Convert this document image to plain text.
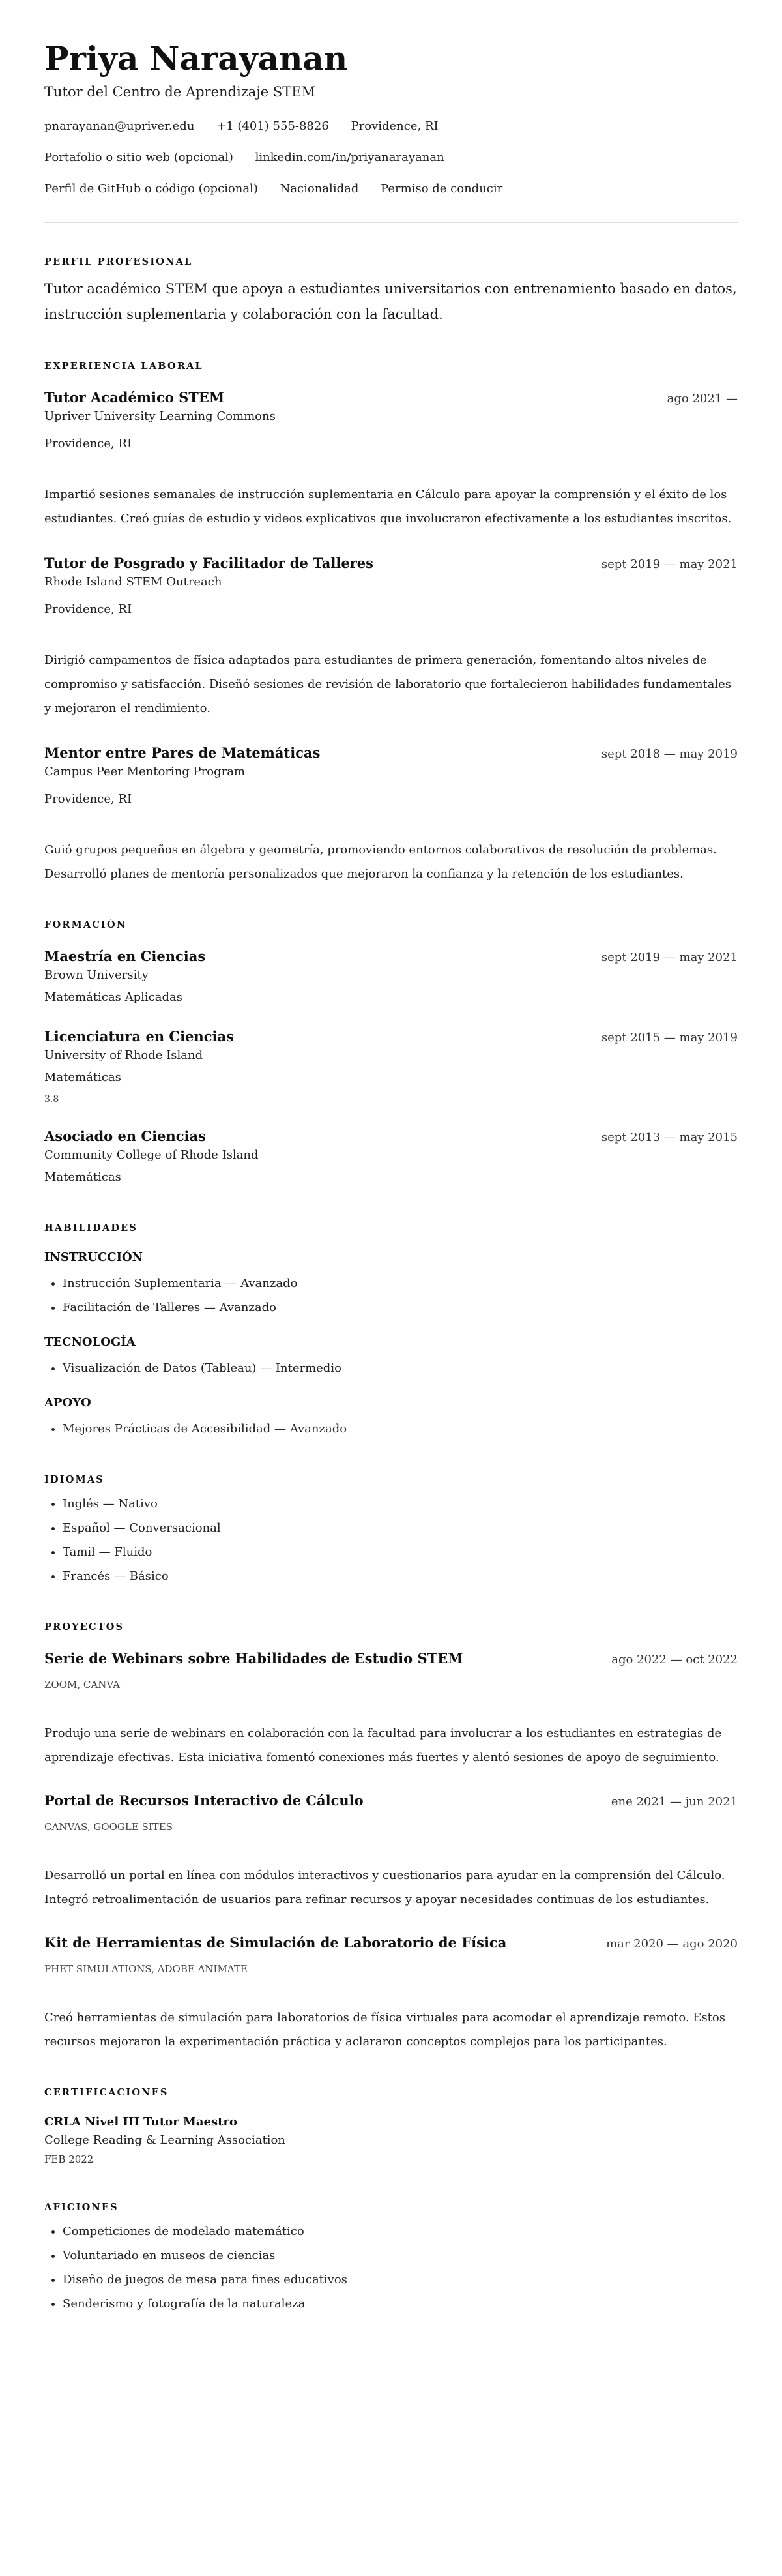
Priya Narayanan
Tutor del Centro de Aprendizaje STEM
pnarayanan@upriver.edu +1 (401) 555-8826 Providence, RI
Portafolio o sitio web (opcional) linkedin.com/in/priyanarayanan
Perfil de GitHub o código (opcional) Nacionalidad Permiso de conducir
PERFIL PROFESIONAL
Tutor académico STEM que apoya a estudiantes universitarios con entrenamiento basado en datos, instrucción suplementaria y colaboración con la facultad.
EXPERIENCIA LABORAL
Tutor Académico STEM	ago 2021 —
Upriver University Learning Commons
Providence, RI
Impartió sesiones semanales de instrucción suplementaria en Cálculo para apoyar la comprensión y el éxito de los estudiantes. Creó guías de estudio y videos explicativos que involucraron efectivamente a los estudiantes inscritos.
Tutor de Posgrado y Facilitador de Talleres	sept 2019 — may 2021
Rhode Island STEM Outreach
Providence, RI
Dirigió campamentos de física adaptados para estudiantes de primera generación, fomentando altos niveles de compromiso y satisfacción. Diseñó sesiones de revisión de laboratorio que fortalecieron habilidades fundamentales y mejoraron el rendimiento.
Mentor entre Pares de Matemáticas	sept 2018 — may 2019
Campus Peer Mentoring Program
Providence, RI
Guió grupos pequeños en álgebra y geometría, promoviendo entornos colaborativos de resolución de problemas. Desarrolló planes de mentoría personalizados que mejoraron la confianza y la retención de los estudiantes.
FORMACIÓN
Maestría en Ciencias	sept 2019 — may 2021
Brown University
Matemáticas Aplicadas
Licenciatura en Ciencias	sept 2015 — may 2019
University of Rhode Island
Matemáticas
3.8
Asociado en Ciencias	sept 2013 — may 2015
Community College of Rhode Island
Matemáticas
HABILIDADES
INSTRUCCIÓN
• Instrucción Suplementaria — Avanzado
• Facilitación de Talleres — Avanzado
TECNOLOGÍA
• Visualización de Datos (Tableau) — Intermedio
APOYO
• Mejores Prácticas de Accesibilidad — Avanzado
IDIOMAS
• Inglés — Nativo
• Español — Conversacional
• Tamil — Fluido
• Francés — Básico
PROYECTOS
Serie de Webinars sobre Habilidades de Estudio STEM	ago 2022 — oct 2022
ZOOM, CANVA
Produjo una serie de webinars en colaboración con la facultad para involucrar a los estudiantes en estrategias de aprendizaje efectivas. Esta iniciativa fomentó conexiones más fuertes y alentó sesiones de apoyo de seguimiento.
Portal de Recursos Interactivo de Cálculo	ene 2021 — jun 2021
CANVAS, GOOGLE SITES
Desarrolló un portal en línea con módulos interactivos y cuestionarios para ayudar en la comprensión del Cálculo. Integró retroalimentación de usuarios para refinar recursos y apoyar necesidades continuas de los estudiantes.
Kit de Herramientas de Simulación de Laboratorio de Física	mar 2020 — ago 2020
PHET SIMULATIONS, ADOBE ANIMATE
Creó herramientas de simulación para laboratorios de física virtuales para acomodar el aprendizaje remoto. Estos recursos mejoraron la experimentación práctica y aclararon conceptos complejos para los participantes.
CERTIFICACIONES
CRLA Nivel III Tutor Maestro
College Reading & Learning Association
FEB 2022
AFICIONES
• Competiciones de modelado matemático
• Voluntariado en museos de ciencias
• Diseño de juegos de mesa para fines educativos
• Senderismo y fotografía de la naturaleza
